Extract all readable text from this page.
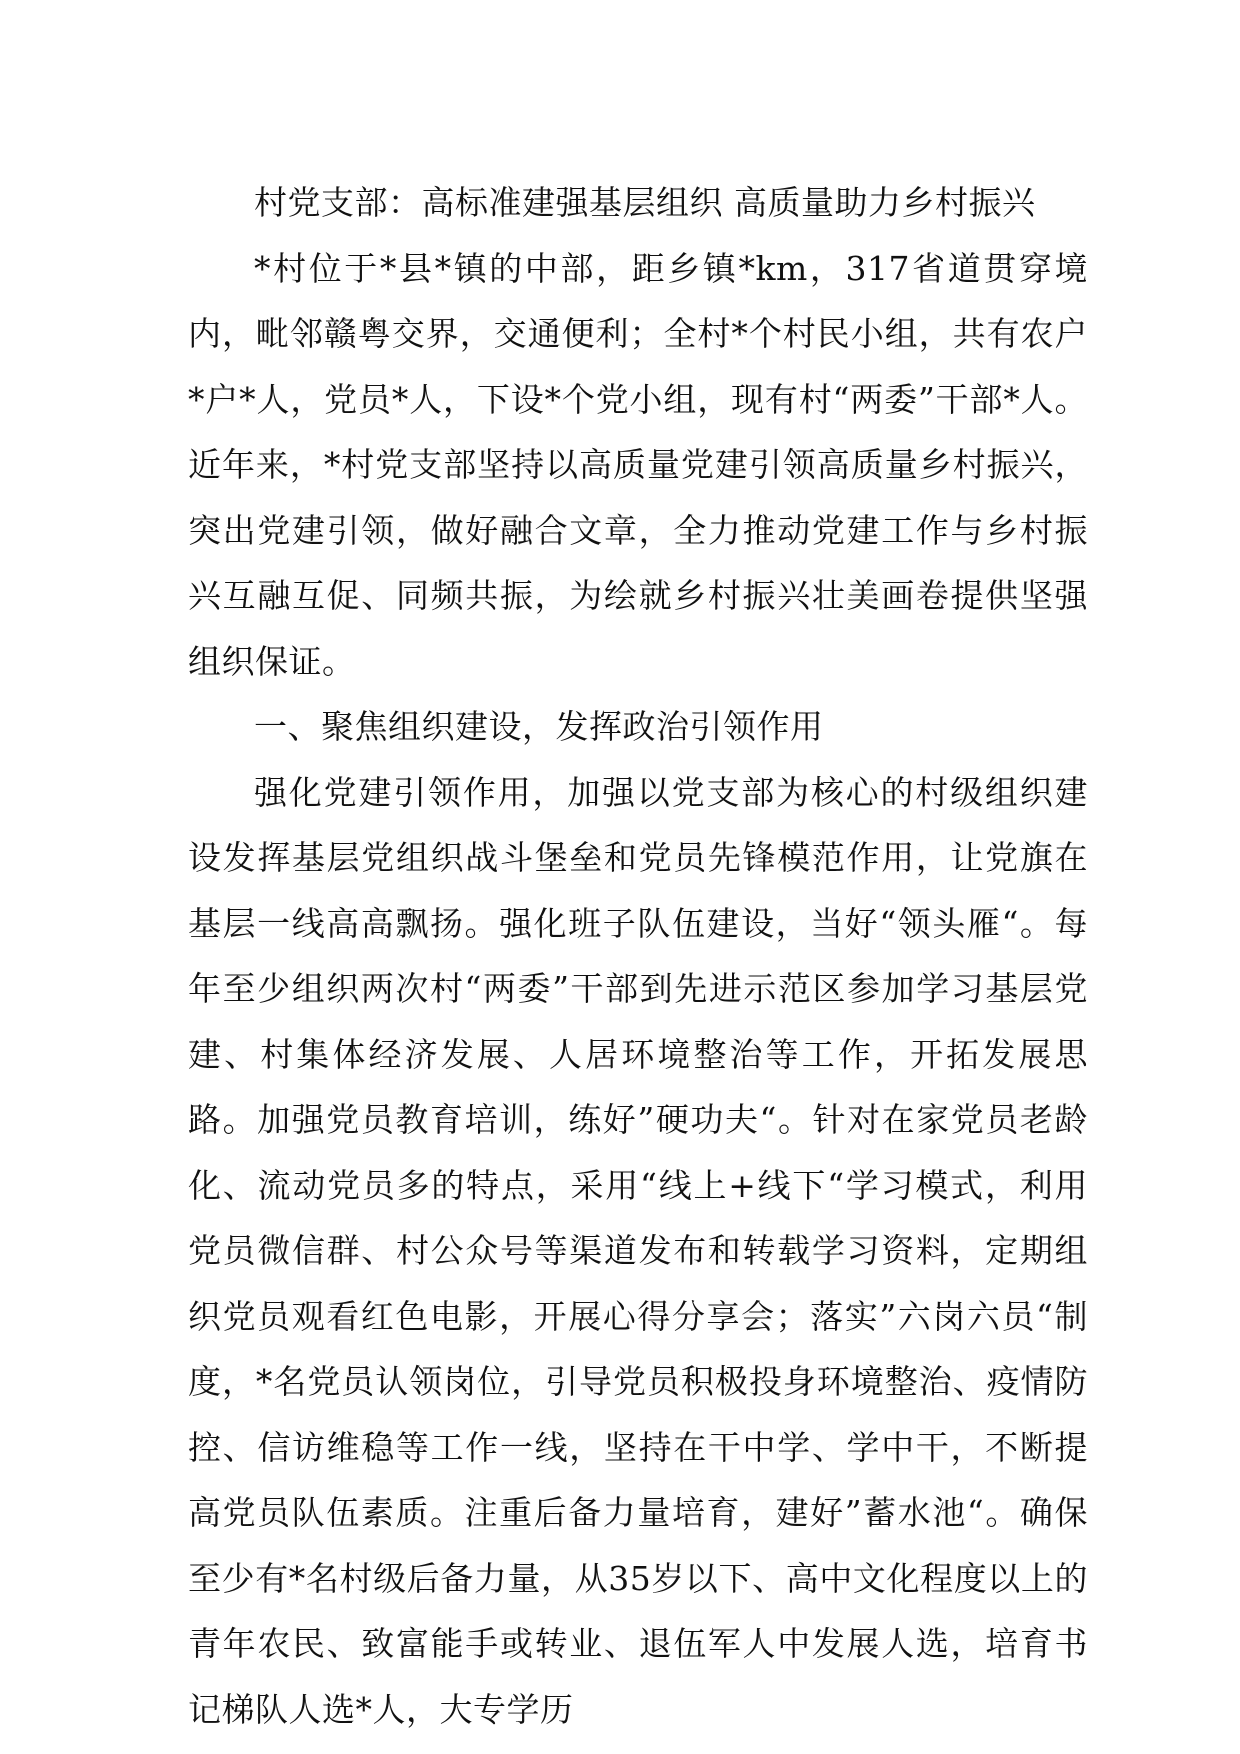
村党支部：高标准建强基层组织 高质量助力乡村振兴

*村位于*县*镇的中部，距乡镇*km，317省道贯穿境内，毗邻赣粤交界，交通便利；全村*个村民小组，共有农户*户*人，党员*人，下设*个党小组，现有村“两委”干部*人。近年来，*村党支部坚持以高质量党建引领高质量乡村振兴，突出党建引领，做好融合文章，全力推动党建工作与乡村振兴互融互促、同频共振，为绘就乡村振兴壮美画卷提供坚强组织保证。

一、聚焦组织建设，发挥政治引领作用

强化党建引领作用，加强以党支部为核心的村级组织建设发挥基层党组织战斗堡垒和党员先锋模范作用，让党旗在基层一线高高飘扬。强化班子队伍建设，当好“领头雁“。每年至少组织两次村“两委”干部到先进示范区参加学习基层党建、村集体经济发展、人居环境整治等工作，开拓发展思路。加强党员教育培训，练好”硬功夫“。针对在家党员老龄化、流动党员多的特点，采用“线上+线下“学习模式，利用党员微信群、村公众号等渠道发布和转载学习资料，定期组织党员观看红色电影，开展心得分享会；落实”六岗六员“制度，*名党员认领岗位，引导党员积极投身环境整治、疫情防控、信访维稳等工作一线，坚持在干中学、学中干，不断提高党员队伍素质。注重后备力量培育，建好”蓄水池“。确保至少有*名村级后备力量，从35岁以下、高中文化程度以上的青年农民、致富能手或转业、退伍军人中发展人选，培育书记梯队人选*人，大专学历
